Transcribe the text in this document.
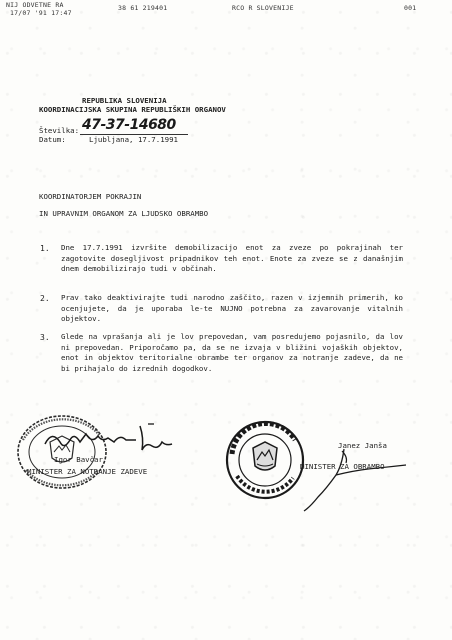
NIJ ODVETNE RA
17/07 '91 17:47
38 61 219401	RCO R SLOVENIJE	001
REPUBLIKA SLOVENIJA
KOORDINACIJSKA SKUPINA REPUBLIŠKIH ORGANOV
Številka: 47-37-14680
Datum:	Ljubljana, 17.7.1991
KOORDINATORJEM POKRAJIN
IN UPRAVNIM ORGANOM ZA LJUDSKO OBRAMBO
1. Dne 17.7.1991 izvršite demobilizacijo enot za zveze po pokrajinah ter zagotovite dosegljivost pripadnikov teh enot. Enote za zveze se z današnjim dnem demobilizirajo tudi v občinah.
2. Prav tako deaktivirajte tudi narodno zaščito, razen v izjemnih primerih, ko ocenjujete, da je uporaba le-te NUJNO potrebna za zavarovanje vitalnih objektov.
3. Glede na vprašanja ali je lov prepovedan, vam posredujemo pojasnilo, da lov ni prepovedan. Priporočamo pa, da se ne izvaja v bližini vojaških objektov, enot in objektov teritorialne obrambe ter organov za notranje zadeve, da ne bi prihajalo do izrednih dogodkov.
Igor Bavčar
MINISTER ZA NOTRANJE ZADEVE
Janez Janša
MINISTER ZA OBRAMBO
